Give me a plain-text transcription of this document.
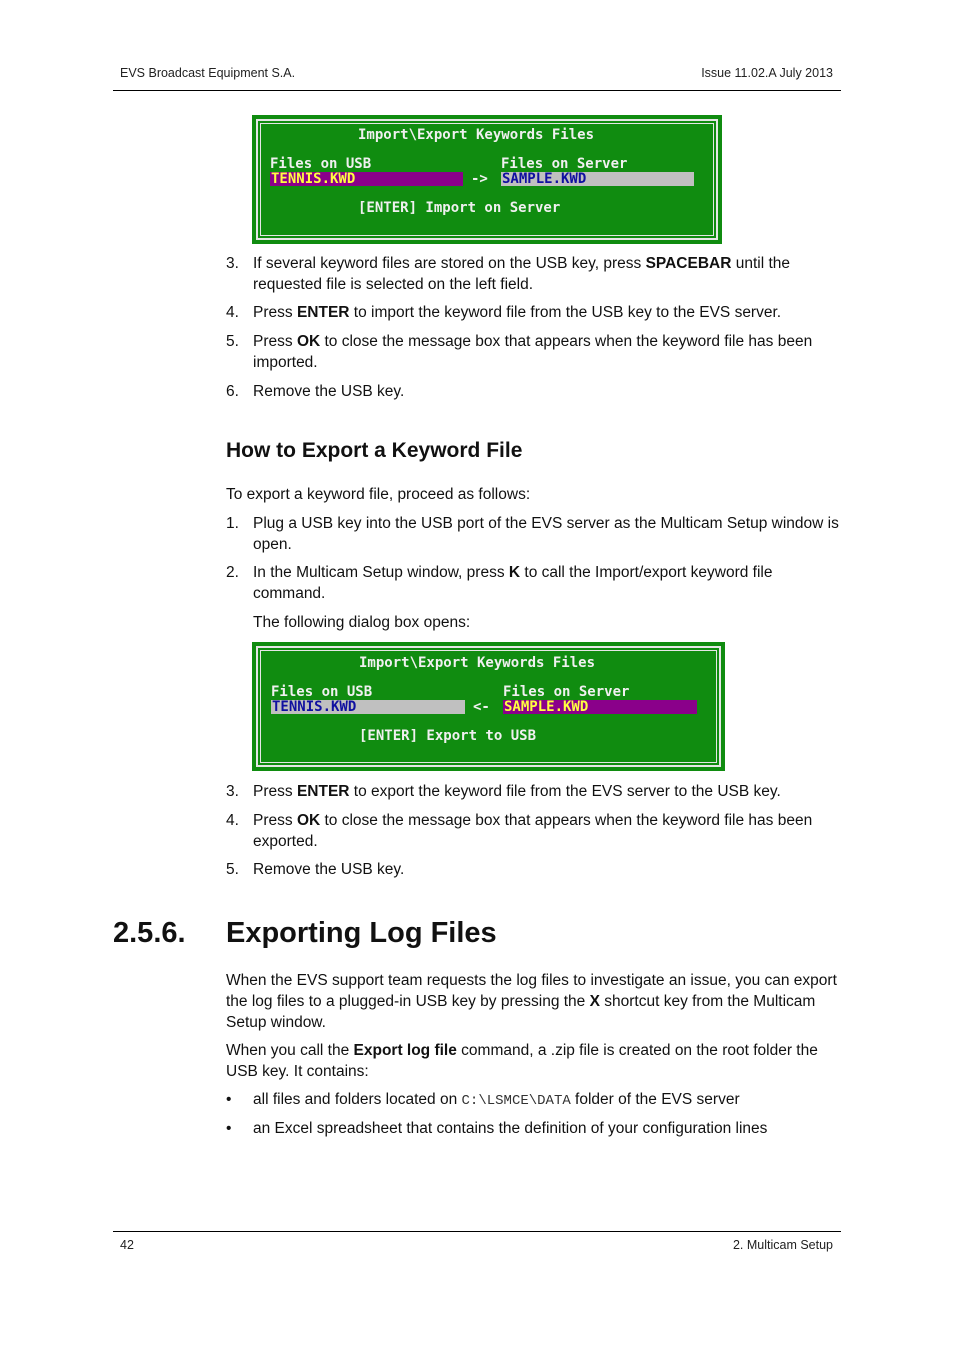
EVS Broadcast Equipment S.A.	Issue 11.02.A July 2013
Import\Export Keywords Files
Files on USB	Files on Server
TENNIS.KWD	-> SAMPLE.KWD
[ENTER] Import on Server
3. If several keyword files are stored on the USB key, press SPACEBAR until the requested file is selected on the left field.
4. Press ENTER to import the keyword file from the USB key to the EVS server.
5. Press OK to close the message box that appears when the keyword file has been imported.
6. Remove the USB key.
How to Export a Keyword File
To export a keyword file, proceed as follows:
1. Plug a USB key into the USB port of the EVS server as the Multicam Setup window is open.
2. In the Multicam Setup window, press K to call the Import/export keyword file command.
The following dialog box opens:
Import\Export Keywords Files
Files on USB	Files on Server
TENNIS.KWD	<- SAMPLE.KWD
[ENTER] Export to USB
3. Press ENTER to export the keyword file from the EVS server to the USB key.
4. Press OK to close the message box that appears when the keyword file has been exported.
5. Remove the USB key.
2.5.6. Exporting Log Files
When the EVS support team requests the log files to investigate an issue, you can export the log files to a plugged-in USB key by pressing the X shortcut key from the Multicam Setup window.
When you call the Export log file command, a .zip file is created on the root folder the USB key. It contains:
• all files and folders located on C:\LSMCE\DATA folder of the EVS server
• an Excel spreadsheet that contains the definition of your configuration lines
42	2. Multicam Setup
